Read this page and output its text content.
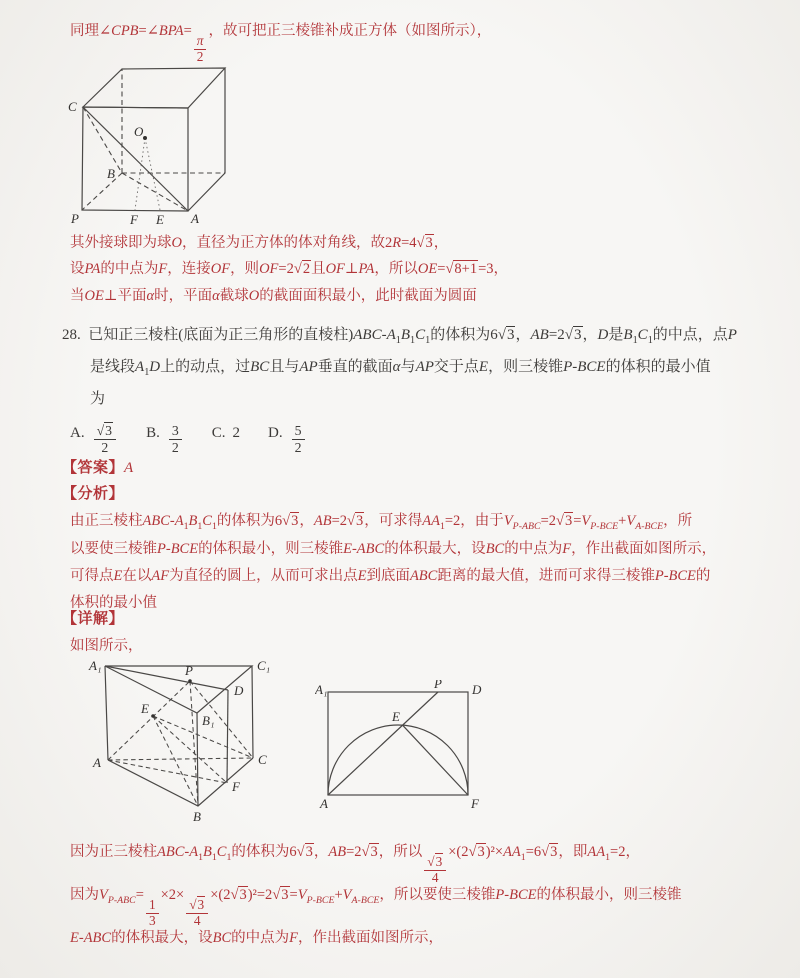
同理∠CPB=∠BPA=
$\frac{\pi}{2}$
，故可把正三棱锥补成正方体（如图所示），
C
B
P	F E A
O
其外接球即为球O，直径为正方体的体对角线，故2R=4 √ 3，
设PA的中点为F，连接OF，则OF=2 √ 2且OF⊥PA，所以OE= √ 8+1=3，
当OE⊥平面α时，平面α截球O的截面面积最小，此时截面为圆面
28. 已知正三棱柱(底面为正三角形的直棱柱)$ABC-A_1B_1C_1$的体积为6 √ 3，AB=2 √ 3，D是$B_1C_1$的中点，点P
是线段$A_1D$上的动点，过BC且与AP垂直的截面α与AP交于点E，则三棱锥P-BCE的体积的最小值
为
A. √ $\frac{3}{2} B$. $\frac{3}{2} C$. 2 D. $\frac{5}{2}$
【答案】A
【分析】
由正三棱柱ABC-$A_1B_1C_1$的体积为6 √ 3，AB=2 √ 3，可求得$AA_1=2$，由于$V_{P-ABC}=2$ √ $3=V_{P-BCE}+V_{A-BCE}$，所
以要使三棱锥P-BCE的体积最小，则三棱锥E-ABC的体积最大，设BC的中点为F，作出截面如图所示，
可得点E在以AF为直径的圆上，从而可求出点E到底面ABC距离的最大值，进而可求得三棱锥P-BCE的
体积的最小值
【详解】
如图所示，
A₁	C₁
P
D
B₁
E
A	C
F
B
A₁	D
P
E
A	F
因为正三棱柱ABC-$A_1B_1C_1$的体积为6 √ 3，AB=2 √ 3，所以
√ $\frac{3}{4}$
×(2 √ $3)^2\times AA_1=6$ √ 3，即$AA_1=2$，
因为$V_{P-ABC}=$
$\frac{1}{3}$
×2×
√ $\frac{3}{4}$
×(2 √ 3)²=2 √ $3=V_{P-BCE}+V_{A-BCE}$，所以要使三棱锥P-BCE的体积最小，则三棱锥
E-ABC的体积最大，设BC的中点为F，作出截面如图所示，
